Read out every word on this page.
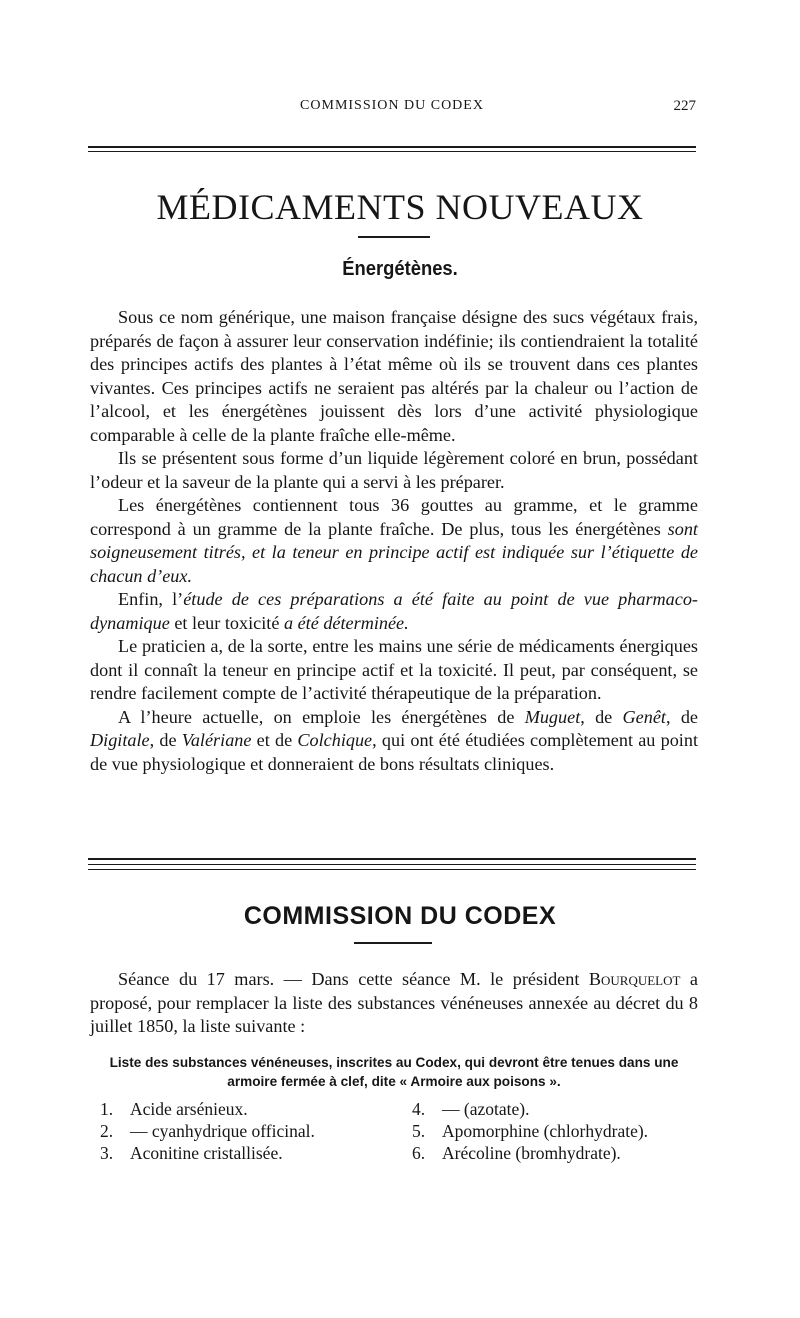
COMMISSION DU CODEX	227
MÉDICAMENTS NOUVEAUX
Énergétènes.

Sous ce nom générique, une maison française désigne des sucs végétaux frais, préparés de façon à assurer leur conservation indéfinie; ils contiendraient la totalité des principes actifs des plantes à l’état même où ils se trouvent dans ces plantes vivantes. Ces principes actifs ne seraient pas altérés par la chaleur ou l’action de l’alcool, et les énergétènes jouissent dès lors d’une activité physiologique comparable à celle de la plante fraîche elle-même.

Ils se présentent sous forme d’un liquide légèrement coloré en brun, possédant l’odeur et la saveur de la plante qui a servi à les préparer.

Les énergétènes contiennent tous 36 gouttes au gramme, et le gramme correspond à un gramme de la plante fraîche. De plus, tous les énergétènes sont soigneusement titrés, et la teneur en principe actif est indiquée sur l’étiquette de chacun d’eux.

Enfin, l’étude de ces préparations a été faite au point de vue pharmaco-dynamique et leur toxicité a été déterminée.

Le praticien a, de la sorte, entre les mains une série de médicaments énergiques dont il connaît la teneur en principe actif et la toxicité. Il peut, par conséquent, se rendre facilement compte de l’activité thérapeutique de la préparation.

A l’heure actuelle, on emploie les énergétènes de Muguet, de Genêt, de Digitale, de Valériane et de Colchique, qui ont été étudiées complètement au point de vue physiologique et donneraient de bons résultats cliniques.

COMMISSION DU CODEX

Séance du 17 mars. — Dans cette séance M. le président Bourquelot a proposé, pour remplacer la liste des substances vénéneuses annexée au décret du 8 juillet 1850, la liste suivante :

Liste des substances vénéneuses, inscrites au Codex, qui devront être tenues dans une armoire fermée à clef, dite « Armoire aux poisons ».
1. Acide arsénieux.
2. — cyanhydrique officinal.
3. Aconitine cristallisée.
4. — (azotate).
5. Apomorphine (chlorhydrate).
6. Arécoline (bromhydrate).
